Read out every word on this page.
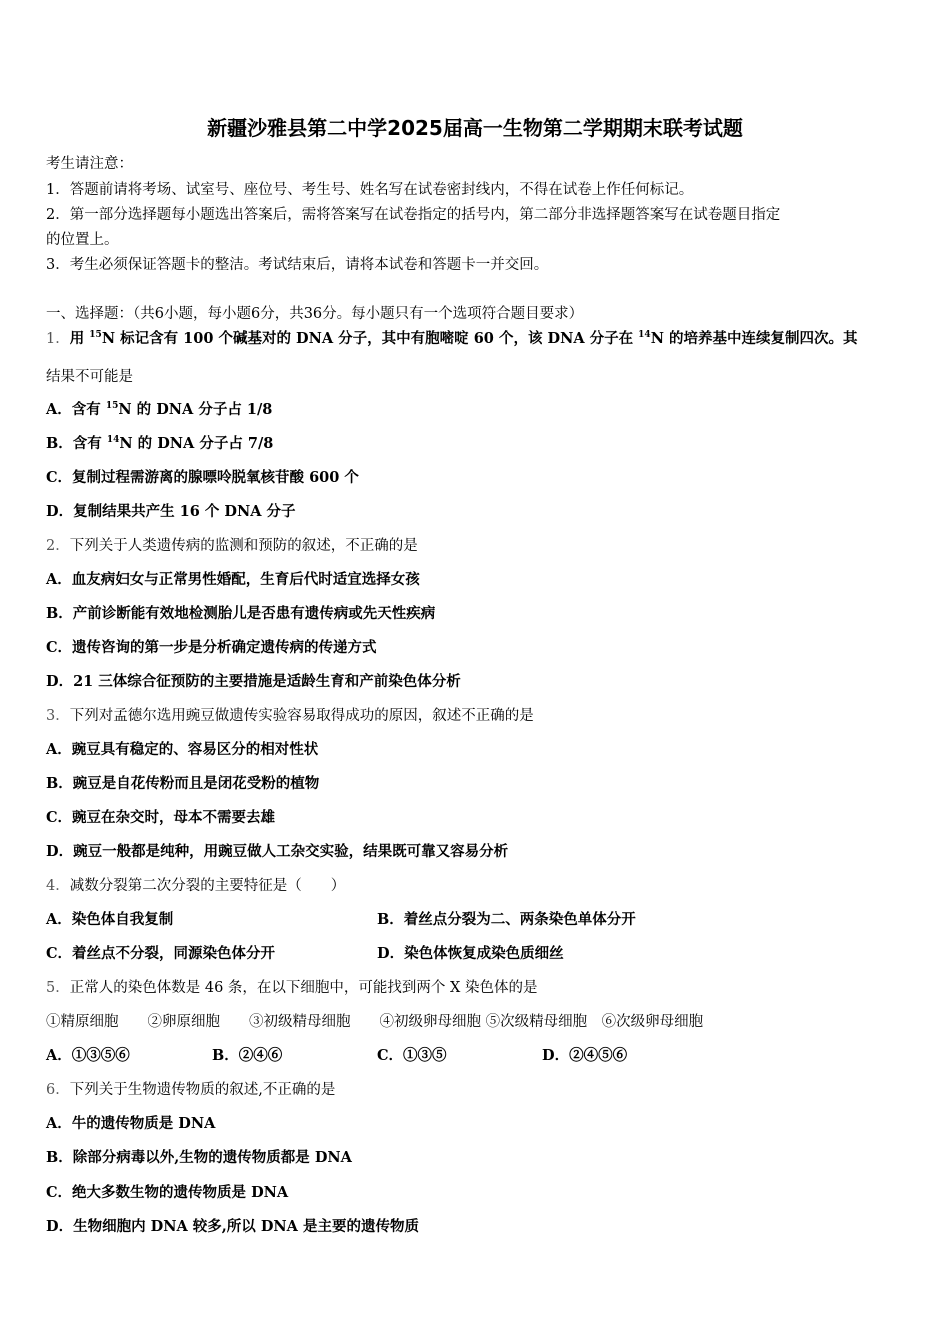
新疆沙雅县第二中学2025届高一生物第二学期期末联考试题
考生请注意：
1．答题前请将考场、试室号、座位号、考生号、姓名写在试卷密封线内，不得在试卷上作任何标记。
2．第一部分选择题每小题选出答案后，需将答案写在试卷指定的括号内，第二部分非选择题答案写在试卷题目指定
的位置上。
3．考生必须保证答题卡的整洁。考试结束后，请将本试卷和答题卡一并交回。
一、选择题：（共6小题，每小题6分，共36分。每小题只有一个选项符合题目要求）
1．用 $^{15}$N 标记含有 100 个碱基对的 DNA 分子，其中有胞嘧啶 60 个，该 DNA 分子在 $^{14}$N 的培养基中连续复制四次。其
结果不可能是
A．含有 $^{15}$N 的 DNA 分子占 1/8
B．含有 $^{14}$N 的 DNA 分子占 7/8
C．复制过程需游离的腺嘌呤脱氧核苷酸 600 个
D．复制结果共产生 16 个 DNA 分子
2．下列关于人类遗传病的监测和预防的叙述，不正确的是
A．血友病妇女与正常男性婚配，生育后代时适宜选择女孩
B．产前诊断能有效地检测胎儿是否患有遗传病或先天性疾病
C．遗传咨询的第一步是分析确定遗传病的传递方式
D．21 三体综合征预防的主要措施是适龄生育和产前染色体分析
3．下列对孟德尔选用豌豆做遗传实验容易取得成功的原因，叙述不正确的是
A．豌豆具有稳定的、容易区分的相对性状
B．豌豆是自花传粉而且是闭花受粉的植物
C．豌豆在杂交时，母本不需要去雄
D．豌豆一般都是纯种，用豌豆做人工杂交实验，结果既可靠又容易分析
4．减数分裂第二次分裂的主要特征是（　　）
A．染色体自我复制	B．着丝点分裂为二、两条染色单体分开
C．着丝点不分裂，同源染色体分开	D．染色体恢复成染色质细丝
5．正常人的染色体数是 46 条，在以下细胞中，可能找到两个 X 染色体的是
①精原细胞　　②卵原细胞　　③初级精母细胞　　④初级卵母细胞 ⑤次级精母细胞　⑥次级卵母细胞
A．①③⑤⑥	B．②④⑥	C．①③⑤	D．②④⑤⑥
6．下列关于生物遗传物质的叙述,不正确的是
A．牛的遗传物质是 DNA
B．除部分病毒以外,生物的遗传物质都是 DNA
C．绝大多数生物的遗传物质是 DNA
D．生物细胞内 DNA 较多,所以 DNA 是主要的遗传物质
